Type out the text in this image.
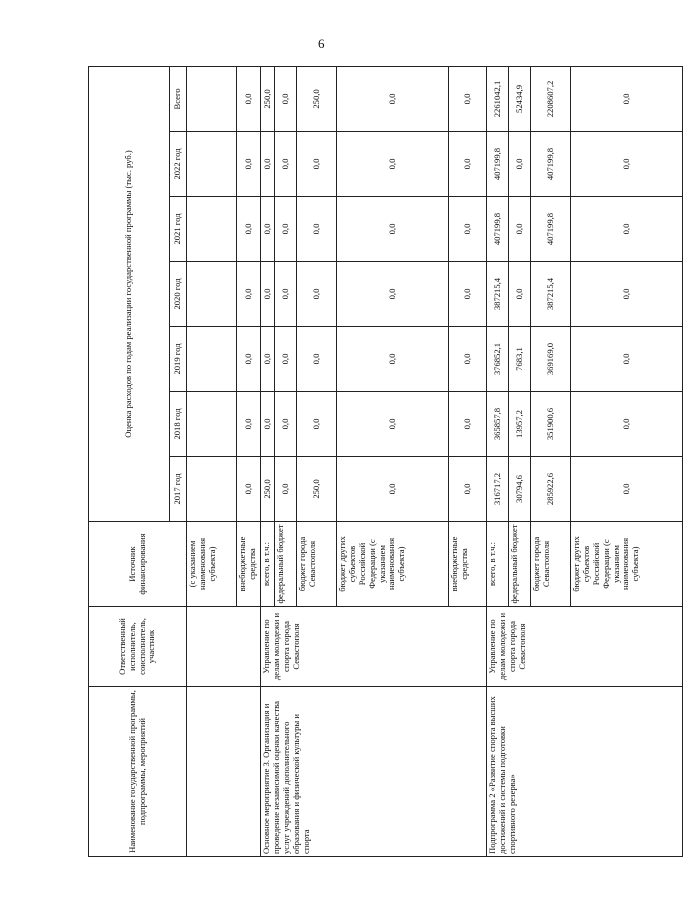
6
Наименование государственной программы, подпрограммы, мероприятий	Ответственный исполнитель, соисполнитель, участник	Источник финансирования	Оценка расходов по годам реализации государственной программы (тыс. руб.)						
			2017 год	2018 год	2019 год	2020 год	2021 год	2022 год	Всего
		(с указанием наименования субъекта)							
		внебюджетные средства	0,0	0,0	0,0	0,0	0,0	0,0	0,0
Основное мероприятие 3. Организация и проведение независимой оценки качества услуг учреждений дополнительного образования и физической культуры и спорта	Управление по делам молодежи и спорта города Севастополя	всего, в т.ч.:	250,0	0,0	0,0	0,0	0,0	0,0	250,0
		федеральный бюджет	0,0	0,0	0,0	0,0	0,0	0,0	0,0
		бюджет города Севастополя	250,0	0,0	0,0	0,0	0,0	0,0	250,0
		бюджет других субъектов Российской Федерации (с указанием наименования субъекта)	0,0	0,0	0,0	0,0	0,0	0,0	0,0
		внебюджетные средства	0,0	0,0	0,0	0,0	0,0	0,0	0,0
Подпрограмма 2 «Развитие спорта высших достижений и системы подготовки спортивного резерва»	Управление по делам молодежи и спорта города Севастополя	всего, в т.ч.:	316717,2	365857,8	376852,1	387215,4	407199,8	407199,8	2261042,1
		федеральный бюджет	30794,6	13957,2	7683,1	0,0	0,0	0,0	52434,9
		бюджет города Севастополя	285922,6	351900,6	369169,0	387215,4	407199,8	407199,8	2208607,2
		бюджет других субъектов Российской Федерации (с указанием наименования субъекта)	0,0	0,0	0,0	0,0	0,0	0,0	0,0
